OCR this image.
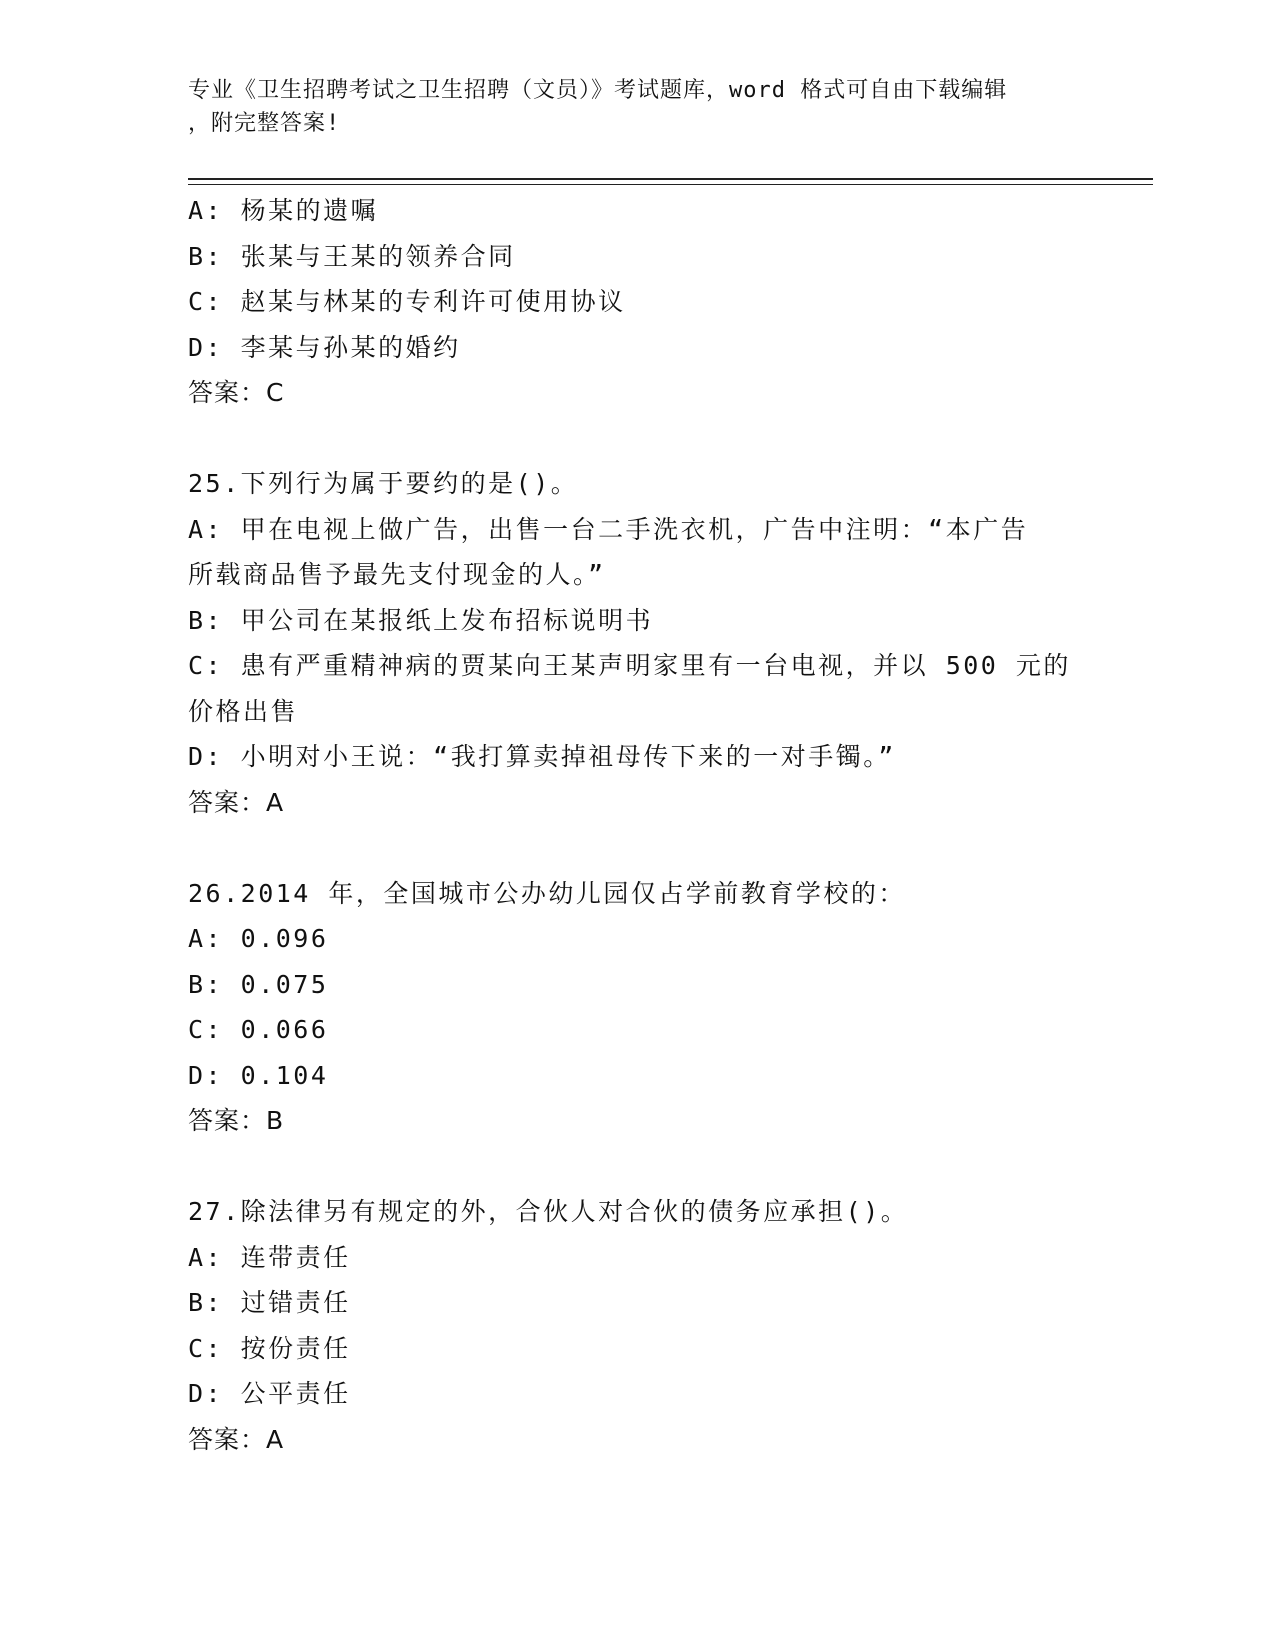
专业《卫生招聘考试之卫生招聘（文员）》考试题库，word 格式可自由下载编辑
，附完整答案!
A: 杨某的遗嘱
B: 张某与王某的领养合同
C: 赵某与林某的专利许可使用协议
D: 李某与孙某的婚约
答案：C
25.下列行为属于要约的是()。
A: 甲在电视上做广告，出售一台二手洗衣机，广告中注明：“本广告
所载商品售予最先支付现金的人。”
B: 甲公司在某报纸上发布招标说明书
C: 患有严重精神病的贾某向王某声明家里有一台电视，并以 500 元的
价格出售
D: 小明对小王说：“我打算卖掉祖母传下来的一对手镯。”
答案：A
26.2014 年，全国城市公办幼儿园仅占学前教育学校的：
A: 0.096
B: 0.075
C: 0.066
D: 0.104
答案：B
27.除法律另有规定的外，合伙人对合伙的债务应承担()。
A: 连带责任
B: 过错责任
C: 按份责任
D: 公平责任
答案：A
